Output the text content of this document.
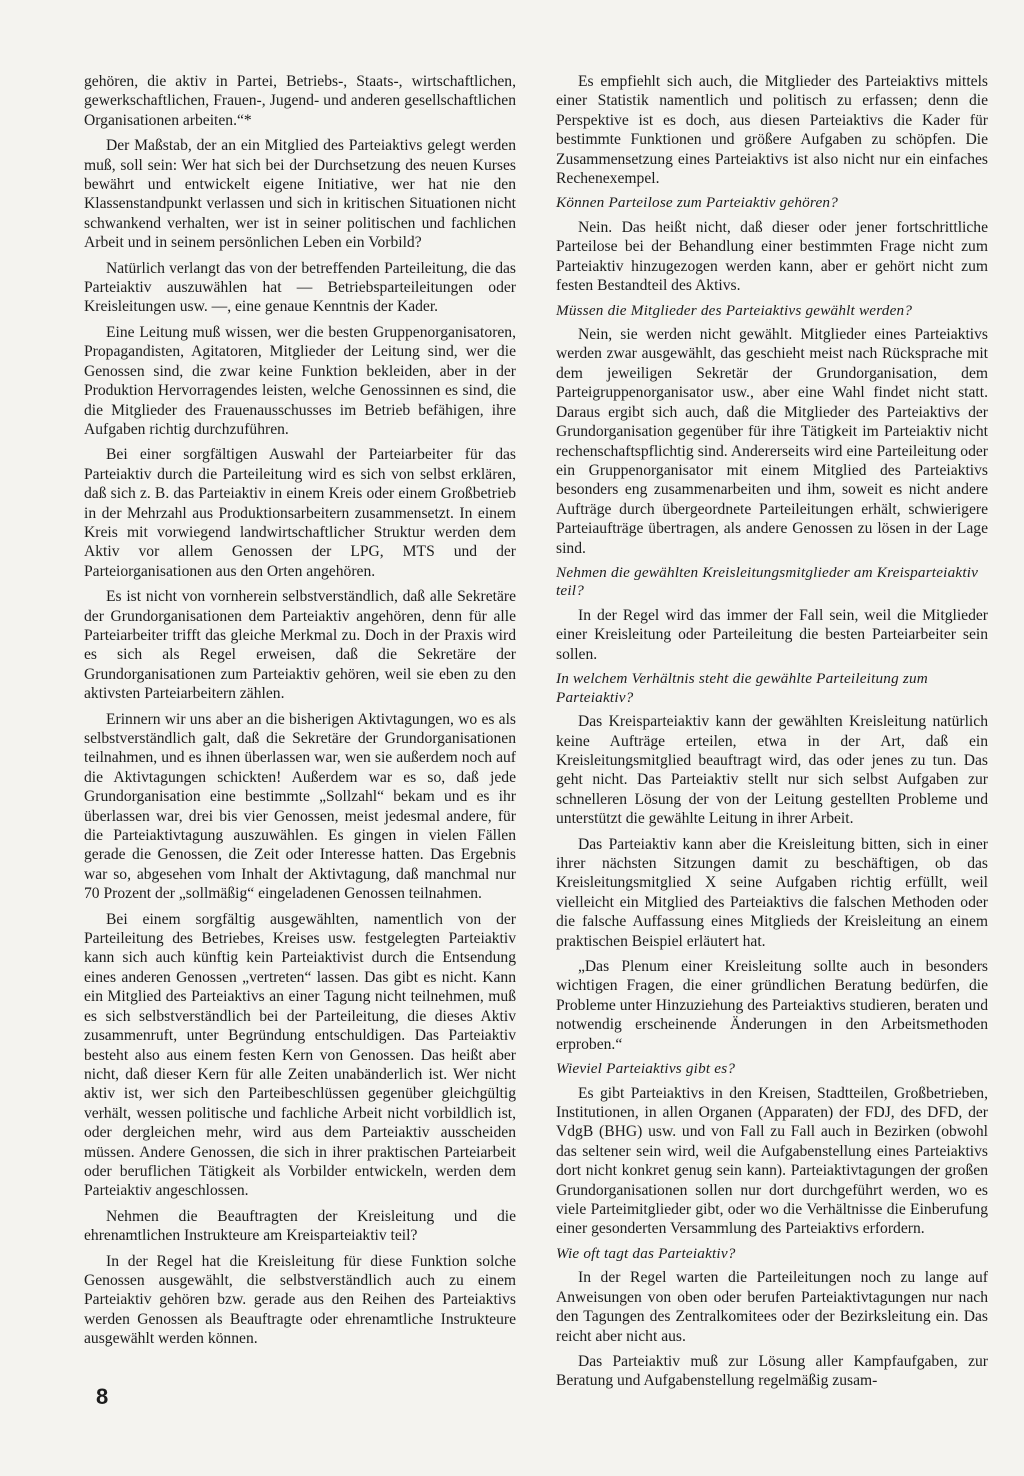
gehören, die aktiv in Partei, Betriebs-, Staats-, wirtschaftlichen, gewerkschaftlichen, Frauen-, Jugend- und anderen gesellschaftlichen Organisationen arbeiten.“*

Der Maßstab, der an ein Mitglied des Parteiaktivs gelegt werden muß, soll sein: Wer hat sich bei der Durchsetzung des neuen Kurses bewährt und entwickelt eigene Initiative, wer hat nie den Klassenstandpunkt verlassen und sich in kritischen Situationen nicht schwankend verhalten, wer ist in seiner politischen und fachlichen Arbeit und in seinem persönlichen Leben ein Vorbild?

Natürlich verlangt das von der betreffenden Parteileitung, die das Parteiaktiv auszuwählen hat — Betriebsparteileitungen oder Kreisleitungen usw. —, eine genaue Kenntnis der Kader.

Eine Leitung muß wissen, wer die besten Gruppenorganisatoren, Propagandisten, Agitatoren, Mitglieder der Leitung sind, wer die Genossen sind, die zwar keine Funktion bekleiden, aber in der Produktion Hervorragendes leisten, welche Genossinnen es sind, die die Mitglieder des Frauenausschusses im Betrieb befähigen, ihre Aufgaben richtig durchzuführen.

Bei einer sorgfältigen Auswahl der Parteiarbeiter für das Parteiaktiv durch die Parteileitung wird es sich von selbst erklären, daß sich z. B. das Parteiaktiv in einem Kreis oder einem Großbetrieb in der Mehrzahl aus Produktionsarbeitern zusammensetzt. In einem Kreis mit vorwiegend landwirtschaftlicher Struktur werden dem Aktiv vor allem Genossen der LPG, MTS und der Parteiorganisationen aus den Orten angehören.

Es ist nicht von vornherein selbstverständlich, daß alle Sekretäre der Grundorganisationen dem Parteiaktiv angehören, denn für alle Parteiarbeiter trifft das gleiche Merkmal zu. Doch in der Praxis wird es sich als Regel erweisen, daß die Sekretäre der Grundorganisationen zum Parteiaktiv gehören, weil sie eben zu den aktivsten Parteiarbeitern zählen.

Erinnern wir uns aber an die bisherigen Aktivtagungen, wo es als selbstverständlich galt, daß die Sekretäre der Grundorganisationen teilnahmen, und es ihnen überlassen war, wen sie außerdem noch auf die Aktivtagungen schickten! Außerdem war es so, daß jede Grundorganisation eine bestimmte „Sollzahl“ bekam und es ihr überlassen war, drei bis vier Genossen, meist jedesmal andere, für die Parteiaktivtagung auszuwählen. Es gingen in vielen Fällen gerade die Genossen, die Zeit oder Interesse hatten. Das Ergebnis war so, abgesehen vom Inhalt der Aktivtagung, daß manchmal nur 70 Prozent der „sollmäßig“ eingeladenen Genossen teilnahmen.

Bei einem sorgfältig ausgewählten, namentlich von der Parteileitung des Betriebes, Kreises usw. festgelegten Parteiaktiv kann sich auch künftig kein Parteiaktivist durch die Entsendung eines anderen Genossen „vertreten“ lassen. Das gibt es nicht. Kann ein Mitglied des Parteiaktivs an einer Tagung nicht teilnehmen, muß es sich selbstverständlich bei der Parteileitung, die dieses Aktiv zusammenruft, unter Begründung entschuldigen. Das Parteiaktiv besteht also aus einem festen Kern von Genossen. Das heißt aber nicht, daß dieser Kern für alle Zeiten unabänderlich ist. Wer nicht aktiv ist, wer sich den Parteibeschlüssen gegenüber gleichgültig verhält, wessen politische und fachliche Arbeit nicht vorbildlich ist, oder dergleichen mehr, wird aus dem Parteiaktiv ausscheiden müssen. Andere Genossen, die sich in ihrer praktischen Parteiarbeit oder beruflichen Tätigkeit als Vorbilder entwickeln, werden dem Parteiaktiv angeschlossen.

Nehmen die Beauftragten der Kreisleitung und die ehrenamtlichen Instrukteure am Kreisparteiaktiv teil?

In der Regel hat die Kreisleitung für diese Funktion solche Genossen ausgewählt, die selbstverständlich auch zu einem Parteiaktiv gehören bzw. gerade aus den Reihen des Parteiaktivs werden Genossen als Beauftragte oder ehrenamtliche Instrukteure ausgewählt werden können.

Es empfiehlt sich auch, die Mitglieder des Parteiaktivs mittels einer Statistik namentlich und politisch zu erfassen; denn die Perspektive ist es doch, aus diesen Parteiaktivs die Kader für bestimmte Funktionen und größere Aufgaben zu schöpfen. Die Zusammensetzung eines Parteiaktivs ist also nicht nur ein einfaches Rechenexempel.

Können Parteilose zum Parteiaktiv gehören?

Nein. Das heißt nicht, daß dieser oder jener fortschrittliche Parteilose bei der Behandlung einer bestimmten Frage nicht zum Parteiaktiv hinzugezogen werden kann, aber er gehört nicht zum festen Bestandteil des Aktivs.

Müssen die Mitglieder des Parteiaktivs gewählt werden?

Nein, sie werden nicht gewählt. Mitglieder eines Parteiaktivs werden zwar ausgewählt, das geschieht meist nach Rücksprache mit dem jeweiligen Sekretär der Grundorganisation, dem Parteigruppenorganisator usw., aber eine Wahl findet nicht statt. Daraus ergibt sich auch, daß die Mitglieder des Parteiaktivs der Grundorganisation gegenüber für ihre Tätigkeit im Parteiaktiv nicht rechenschaftspflichtig sind. Andererseits wird eine Parteileitung oder ein Gruppenorganisator mit einem Mitglied des Parteiaktivs besonders eng zusammenarbeiten und ihm, soweit es nicht andere Aufträge durch übergeordnete Parteileitungen erhält, schwierigere Parteiaufträge übertragen, als andere Genossen zu lösen in der Lage sind.

Nehmen die gewählten Kreisleitungsmitglieder am Kreisparteiaktiv teil?

In der Regel wird das immer der Fall sein, weil die Mitglieder einer Kreisleitung oder Parteileitung die besten Parteiarbeiter sein sollen.

In welchem Verhältnis steht die gewählte Parteileitung zum Parteiaktiv?

Das Kreisparteiaktiv kann der gewählten Kreisleitung natürlich keine Aufträge erteilen, etwa in der Art, daß ein Kreisleitungsmitglied beauftragt wird, das oder jenes zu tun. Das geht nicht. Das Parteiaktiv stellt nur sich selbst Aufgaben zur schnelleren Lösung der von der Leitung gestellten Probleme und unterstützt die gewählte Leitung in ihrer Arbeit.

Das Parteiaktiv kann aber die Kreisleitung bitten, sich in einer ihrer nächsten Sitzungen damit zu beschäftigen, ob das Kreisleitungsmitglied X seine Aufgaben richtig erfüllt, weil vielleicht ein Mitglied des Parteiaktivs die falschen Methoden oder die falsche Auffassung eines Mitglieds der Kreisleitung an einem praktischen Beispiel erläutert hat.

„Das Plenum einer Kreisleitung sollte auch in besonders wichtigen Fragen, die einer gründlichen Beratung bedürfen, die Probleme unter Hinzuziehung des Parteiaktivs studieren, beraten und notwendig erscheinende Änderungen in den Arbeitsmethoden erproben.“

Wieviel Parteiaktivs gibt es?

Es gibt Parteiaktivs in den Kreisen, Stadtteilen, Großbetrieben, Institutionen, in allen Organen (Apparaten) der FDJ, des DFD, der VdgB (BHG) usw. und von Fall zu Fall auch in Bezirken (obwohl das seltener sein wird, weil die Aufgabenstellung eines Parteiaktivs dort nicht konkret genug sein kann). Parteiaktivtagungen der großen Grundorganisationen sollen nur dort durchgeführt werden, wo es viele Parteimitglieder gibt, oder wo die Verhältnisse die Einberufung einer gesonderten Versammlung des Parteiaktivs erfordern.

Wie oft tagt das Parteiaktiv?

In der Regel warten die Parteileitungen noch zu lange auf Anweisungen von oben oder berufen Parteiaktivtagungen nur nach den Tagungen des Zentralkomitees oder der Bezirksleitung ein. Das reicht aber nicht aus.

Das Parteiaktiv muß zur Lösung aller Kampfaufgaben, zur Beratung und Aufgabenstellung regelmäßig zusam-

8
